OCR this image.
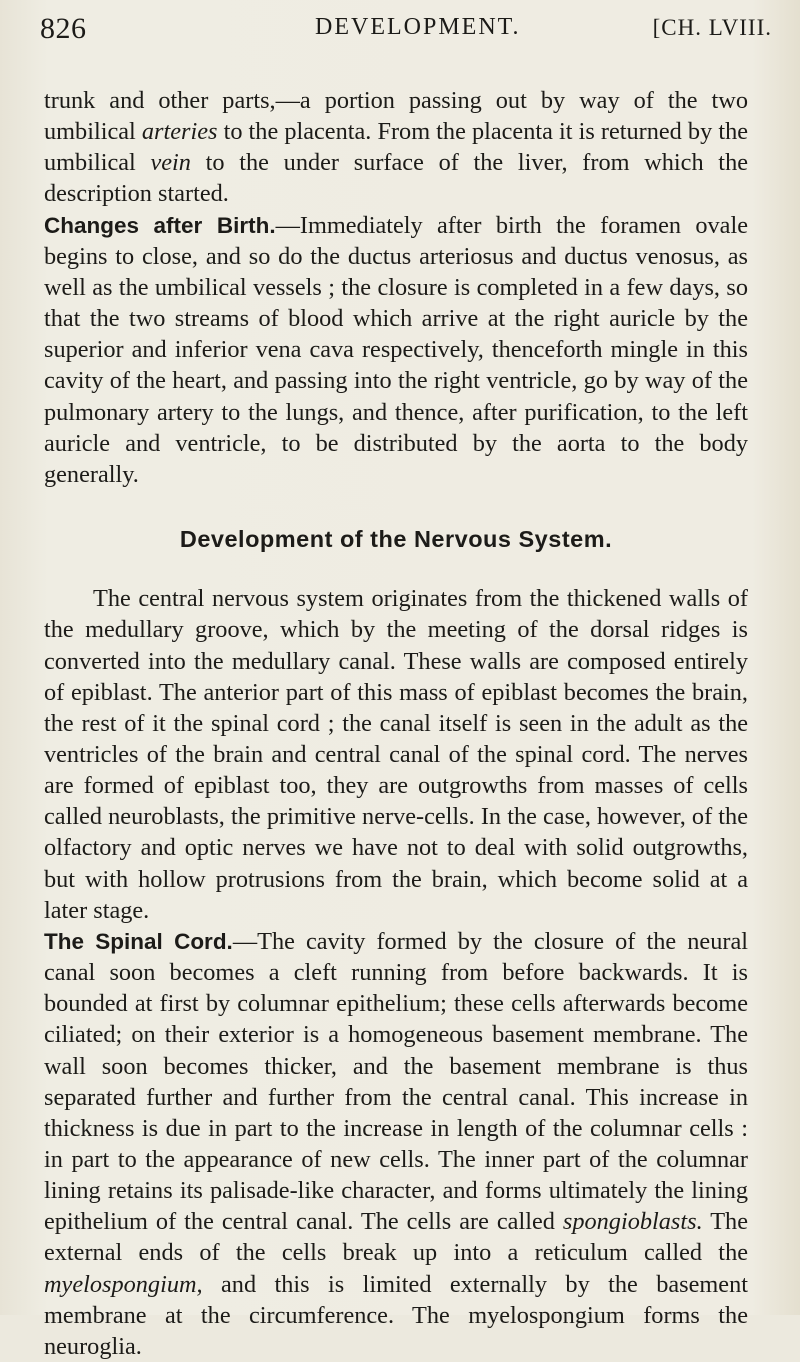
826	DEVELOPMENT.	[CH. LVIII.

trunk and other parts,—a portion passing out by way of the two umbilical arteries to the placenta. From the placenta it is returned by the umbilical vein to the under surface of the liver, from which the description started.

Changes after Birth.—Immediately after birth the foramen ovale begins to close, and so do the ductus arteriosus and ductus venosus, as well as the umbilical vessels ; the closure is completed in a few days, so that the two streams of blood which arrive at the right auricle by the superior and inferior vena cava respectively, thenceforth mingle in this cavity of the heart, and passing into the right ventricle, go by way of the pulmonary artery to the lungs, and thence, after purification, to the left auricle and ventricle, to be distributed by the aorta to the body generally.

Development of the Nervous System.

The central nervous system originates from the thickened walls of the medullary groove, which by the meeting of the dorsal ridges is converted into the medullary canal. These walls are composed entirely of epiblast. The anterior part of this mass of epiblast becomes the brain, the rest of it the spinal cord ; the canal itself is seen in the adult as the ventricles of the brain and central canal of the spinal cord. The nerves are formed of epiblast too, they are outgrowths from masses of cells called neuroblasts, the primitive nerve-cells. In the case, however, of the olfactory and optic nerves we have not to deal with solid outgrowths, but with hollow protrusions from the brain, which become solid at a later stage.

The Spinal Cord.—The cavity formed by the closure of the neural canal soon becomes a cleft running from before backwards. It is bounded at first by columnar epithelium; these cells afterwards become ciliated; on their exterior is a homogeneous basement membrane. The wall soon becomes thicker, and the basement membrane is thus separated further and further from the central canal. This increase in thickness is due in part to the increase in length of the columnar cells : in part to the appearance of new cells. The inner part of the columnar lining retains its palisade-like character, and forms ultimately the lining epithelium of the central canal. The cells are called spongioblasts. The external ends of the cells break up into a reticulum called the myelospongium, and this is limited externally by the basement membrane at the circumference. The myelospongium forms the neuroglia.
